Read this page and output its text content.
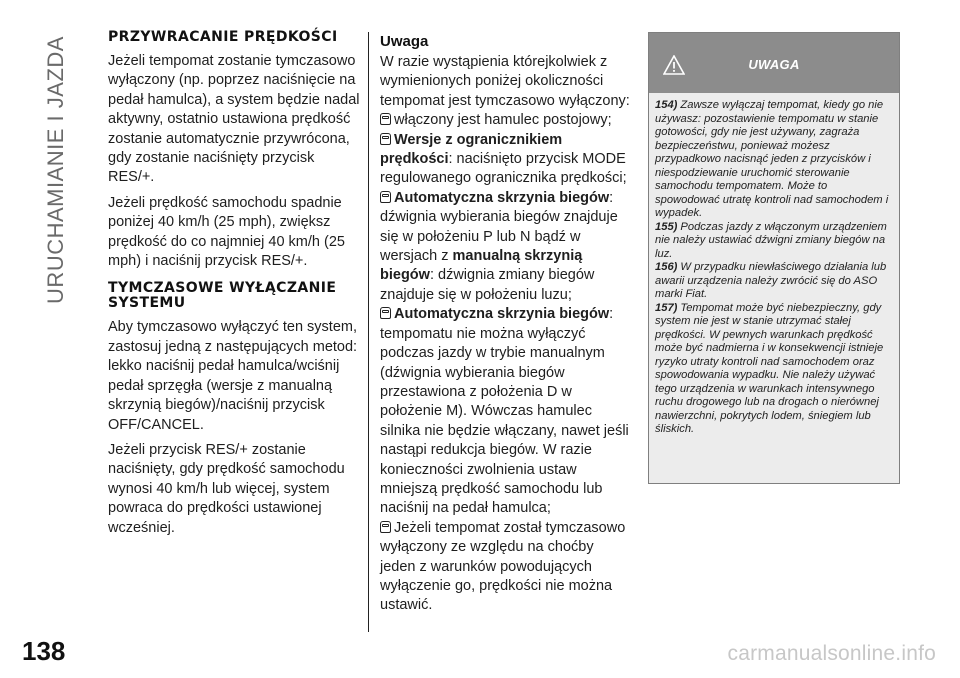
URUCHAMIANIE I JAZDA	PRZYWRACANIE PRĘDKOŚCI

Jeżeli tempomat zostanie tymczasowo wyłączony (np. poprzez naciśnięcie na pedał hamulca), a system będzie nadal aktywny, ostatnio ustawiona prędkość zostanie automatycznie przywrócona, gdy zostanie naciśnięty przycisk RES/+.

Jeżeli prędkość samochodu spadnie poniżej 40 km/h (25 mph), zwiększ prędkość do co najmniej 40 km/h (25 mph) i naciśnij przycisk RES/+.

TYMCZASOWE WYŁĄCZANIE SYSTEMU

Aby tymczasowo wyłączyć ten system, zastosuj jedną z następujących metod: lekko naciśnij pedał hamulca/wciśnij pedał sprzęgła (wersje z manualną skrzynią biegów)/naciśnij przycisk OFF/CANCEL.

Jeżeli przycisk RES/+ zostanie naciśnięty, gdy prędkość samochodu wynosi 40 km/h lub więcej, system powraca do prędkości ustawionej wcześniej.

Uwaga

W razie wystąpienia którejkolwiek z wymienionych poniżej okoliczności tempomat jest tymczasowo wyłączony:

włączony jest hamulec postojowy;

Wersje z ogranicznikiem prędkości: naciśnięto przycisk MODE regulowanego ogranicznika prędkości;

Automatyczna skrzynia biegów: dźwignia wybierania biegów znajduje się w położeniu P lub N bądź w wersjach z manualną skrzynią biegów: dźwignia zmiany biegów znajduje się w położeniu luzu;

Automatyczna skrzynia biegów: tempomatu nie można wyłączyć podczas jazdy w trybie manualnym (dźwignia wybierania biegów przestawiona z położenia D w położenie M). Wówczas hamulec silnika nie będzie włączany, nawet jeśli nastąpi redukcja biegów. W razie konieczności zwolnienia ustaw mniejszą prędkość samochodu lub naciśnij na pedał hamulca;

Jeżeli tempomat został tymczasowo wyłączony ze względu na choćby jeden z warunków powodujących wyłączenie go, prędkości nie można ustawić.

UWAGA

154) Zawsze wyłączaj tempomat, kiedy go nie używasz: pozostawienie tempomatu w stanie gotowości, gdy nie jest używany, zagraża bezpieczeństwu, ponieważ możesz przypadkowo nacisnąć jeden z przycisków i niespodziewanie uruchomić sterowanie samochodu tempomatem. Może to spowodować utratę kontroli nad samochodem i wypadek.

155) Podczas jazdy z włączonym urządzeniem nie należy ustawiać dźwigni zmiany biegów na luz.

156) W przypadku niewłaściwego działania lub awarii urządzenia należy zwrócić się do ASO marki Fiat.

157) Tempomat może być niebezpieczny, gdy system nie jest w stanie utrzymać stałej prędkości. W pewnych warunkach prędkość może być nadmierna i w konsekwencji istnieje ryzyko utraty kontroli nad samochodem oraz spowodowania wypadku. Nie należy używać tego urządzenia w warunkach intensywnego ruchu drogowego lub na drogach o nierównej nawierzchni, pokrytych lodem, śniegiem lub śliskich.

138	carmanualsonline.info
